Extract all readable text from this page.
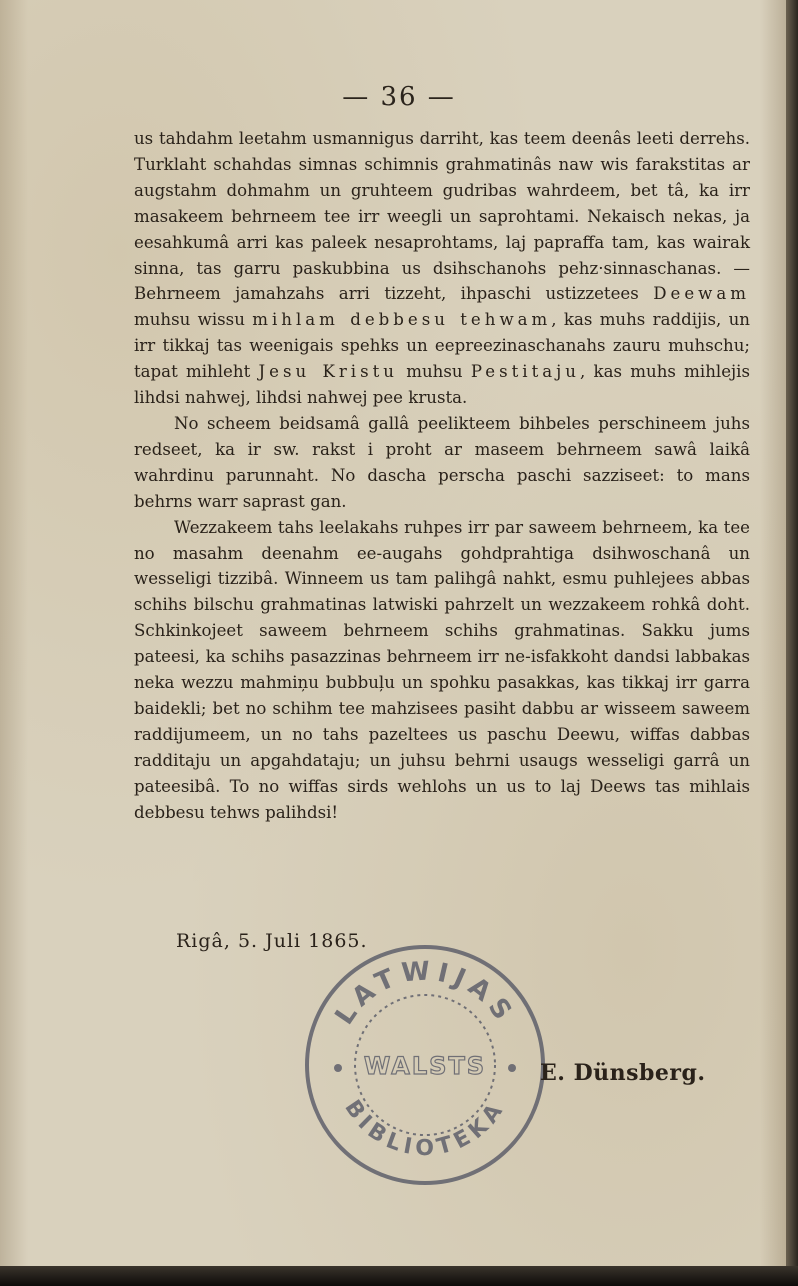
— 36 —

us tahdahm leetahm usmannigus darriht, kas teem deenâs leeti derrehs. Turklaht schahdas simnas schimnis grahmatinâs naw wis farakstitas ar augstahm dohmahm un gruhteem gudribas wahrdeem, bet tâ, ka irr masakeem behrneem tee irr weegli un saprohtami. Nekaisch nekas, ja eesahkumâ arri kas paleek nesaprohtams, laj papraffa tam, kas wairak sinna, tas garru paskubbina us dsihschanohs pehz·sinnaschanas. — Behrneem jamahzahs arri tizzeht, ihpaschi ustizzetees Deewam muhsu wissu mihlam debbesu tehwam, kas muhs raddijis, un irr tikkaj tas weenigais spehks un eepreezinaschanahs zauru muhschu; tapat mihleht Jesu Kristu muhsu Pestitaju, kas muhs mihlejis lihdsi nahwej, lihdsi nahwej pee krusta.

No scheem beidsamâ gallâ peelikteem bihbeles perschineem juhs redseet, ka ir sw. rakst i proht ar maseem behrneem sawâ laikâ wahrdinu parunnaht. No dascha perscha paschi sazziseet: to mans behrns warr saprast gan.

Wezzakeem tahs leelakahs ruhpes irr par saweem behrneem, ka tee no masahm deenahm ee-augahs gohdprahtiga dsihwoschanâ un wesseligi tizzibâ. Winneem us tam palihgâ nahkt, esmu puhlejees abbas schihs bilschu grahmatinas latwiski pahrzelt un wezzakeem rohkâ doht. Schkinkojeet saweem behrneem schihs grahmatinas. Sakku jums pateesi, ka schihs pasazzinas behrneem irr ne-isfakkoht dandsi labbakas neka wezzu mahmiņu bubbuļu un spohku pasakkas, kas tikkaj irr garra baidekli; bet no schihm tee mahzisees pasiht dabbu ar wisseem saweem raddijumeem, un no tahs pazeltees us paschu Deewu, wiffas dabbas radditaju un apgahdataju; un juhsu behrni usaugs wesseligi garrâ un pateesibâ. To no wiffas sirds wehlohs un us to laj Deews tas mihlais debbesu tehws palihdsi!

Rigâ, 5. Juli 1865.
LATWIJAS
WALSTS
BIBLIOTEKA
E. Dünsberg.
